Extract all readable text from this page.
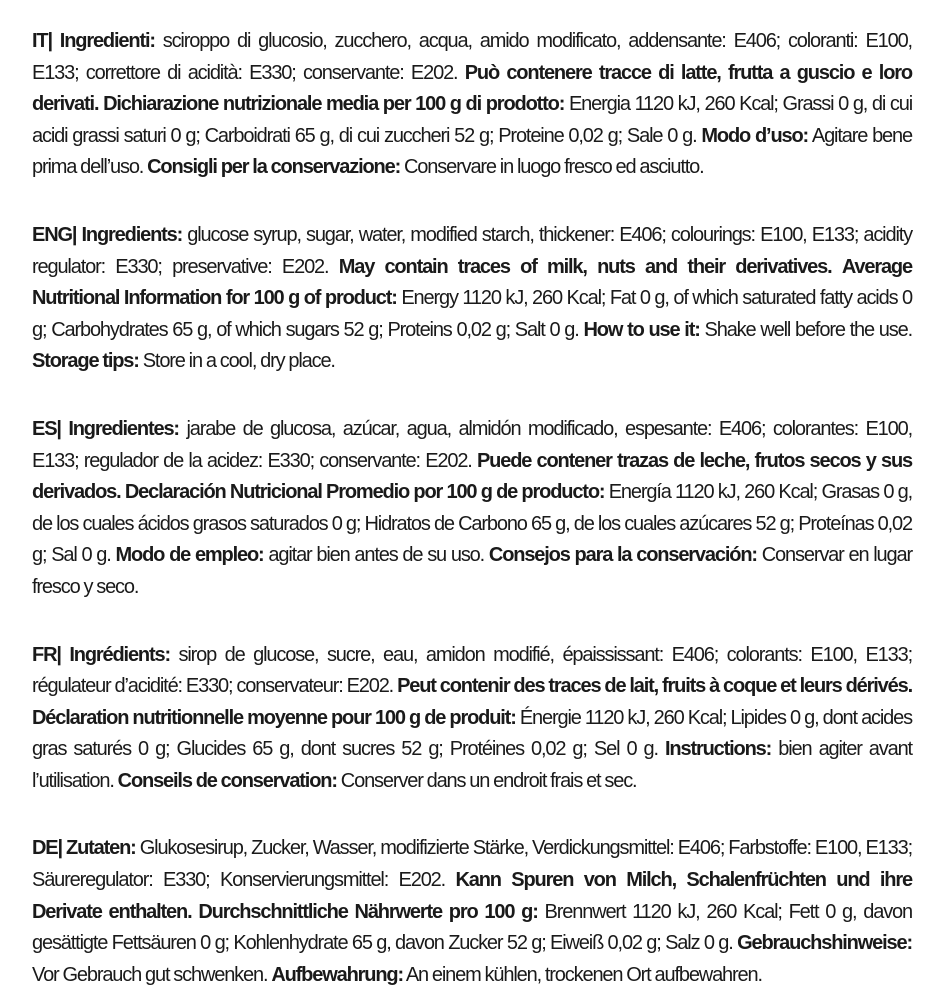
IT| Ingredienti: sciroppo di glucosio, zucchero, acqua, amido modificato, addensante: E406; coloranti: E100, E133; correttore di acidità: E330; conservante: E202. Può contenere tracce di latte, frutta a guscio e loro derivati. Dichiarazione nutrizionale media per 100 g di prodotto: Energia 1120 kJ, 260 Kcal; Grassi 0 g, di cui acidi grassi saturi 0 g; Carboidrati 65 g, di cui zuccheri 52 g; Proteine 0,02 g; Sale 0 g. Modo d’uso: Agitare bene prima dell’uso. Consigli per la conservazione: Conservare in luogo fresco ed asciutto.

ENG| Ingredients: glucose syrup, sugar, water, modified starch, thickener: E406; colourings: E100, E133; acidity regulator: E330; preservative: E202. May contain traces of milk, nuts and their derivatives. Average Nutritional Information for 100 g of product: Energy 1120 kJ, 260 Kcal; Fat 0 g, of which saturated fatty acids 0 g; Carbohydrates 65 g, of which sugars 52 g; Proteins 0,02 g; Salt 0 g. How to use it: Shake well before the use. Storage tips: Store in a cool, dry place.

ES| Ingredientes: jarabe de glucosa, azúcar, agua, almidón modificado, espesante: E406; colorantes: E100, E133; regulador de la acidez: E330; conservante: E202. Puede contener trazas de leche, frutos secos y sus derivados. Declaración Nutricional Promedio por 100 g de producto: Energía 1120 kJ, 260 Kcal; Grasas 0 g, de los cuales ácidos grasos saturados 0 g; Hidratos de Carbono 65 g, de los cuales azúcares 52 g; Proteínas 0,02 g; Sal 0 g. Modo de empleo: agitar bien antes de su uso. Consejos para la conservación: Conservar en lugar fresco y seco.

FR| Ingrédients: sirop de glucose, sucre, eau, amidon modifié, épaississant: E406; colorants: E100, E133; régulateur d’acidité: E330; conservateur: E202. Peut contenir des traces de lait, fruits à coque et leurs dérivés. Déclaration nutritionnelle moyenne pour 100 g de produit: Énergie 1120 kJ, 260 Kcal; Lipides 0 g, dont acides gras saturés 0 g; Glucides 65 g, dont sucres 52 g; Protéines 0,02 g; Sel 0 g. Instructions: bien agiter avant l’utilisation. Conseils de conservation: Conserver dans un endroit frais et sec.

DE| Zutaten: Glukosesirup, Zucker, Wasser, modifizierte Stärke, Verdickungsmittel: E406; Farbstoffe: E100, E133; Säureregulator: E330; Konservierungsmittel: E202. Kann Spuren von Milch, Schalenfrüchten und ihre Derivate enthalten. Durchschnittliche Nährwerte pro 100 g: Brennwert 1120 kJ, 260 Kcal; Fett 0 g, davon gesättigte Fettsäuren 0 g; Kohlenhydrate 65 g, davon Zucker 52 g; Eiweiß 0,02 g; Salz 0 g. Gebrauchshinweise: Vor Gebrauch gut schwenken. Aufbewahrung: An einem kühlen, trockenen Ort aufbewahren.
